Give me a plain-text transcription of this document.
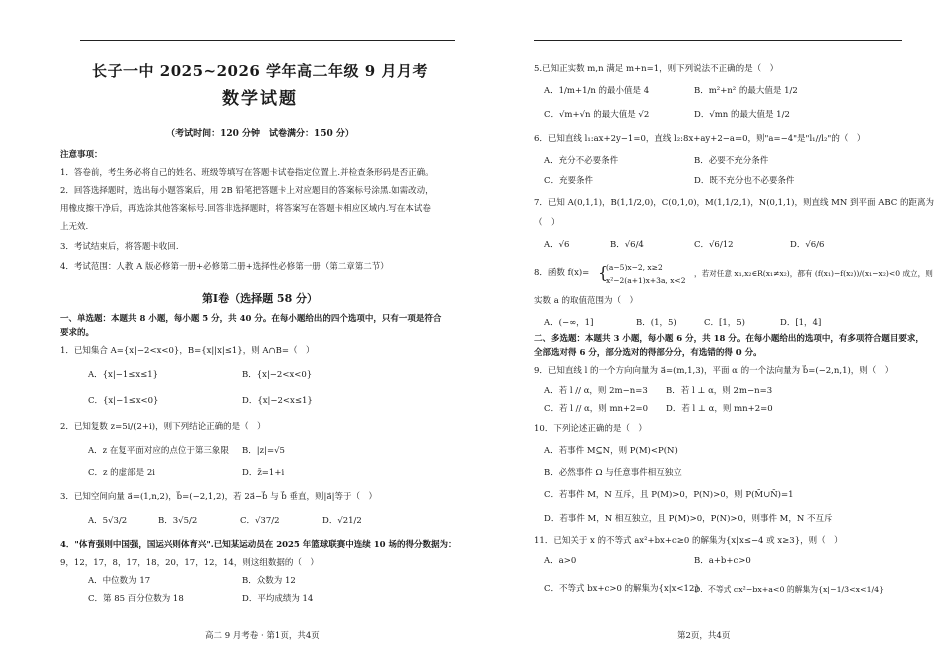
长子一中 2025~2026 学年高二年级 9 月月考
数学试题
（考试时间：120 分钟　试卷满分：150 分）
注意事项：
1．答卷前，考生务必将自己的姓名、班级等填写在答题卡试卷指定位置上.并检查条形码是否正确。
2．回答选择题时，选出每小题答案后，用 2B 铅笔把答题卡上对应题目的答案标号涂黑.如需改动，
用橡皮擦干净后，再选涂其他答案标号.回答非选择题时，将答案写在答题卡相应区域内.写在本试卷
上无效.
3．考试结束后，将答题卡收回.
4．考试范围：人教 A 版必修第一册+必修第二册+选择性必修第一册（第二章第二节）
第Ⅰ卷（选择题 58 分）
一、单选题：本题共 8 小题，每小题 5 分，共 40 分。在每小题给出的四个选项中，只有一项是符合
要求的。
1．已知集合 A={x|−2<x<0}，B={x||x|≤1}，则 A∩B=（　）
A．{x|−1≤x≤1}	B．{x|−2<x<0}
C．{x|−1≤x<0}	D．{x|−2<x≤1}
2．已知复数 z=5i/(2+i)，则下列结论正确的是（　）
A．z 在复平面对应的点位于第三象限 B．|z|=√5
C．z 的虚部是 2i	D．z̄=1+i
3．已知空间向量 a⃗=(1,n,2)，b⃗=(−2,1,2)，若 2a⃗−b⃗ 与 b⃗ 垂直，则|a⃗|等于（　）
A．5√3/2	B．3√5/2	C．√37/2	D．√21/2
4．"体育强则中国强，国运兴则体育兴".已知某运动员在 2025 年篮球联赛中连续 10 场的得分数据为：
9，12，17，8，17，18，20，17，12，14，则这组数据的（　）
A．中位数为 17	B．众数为 12
C．第 85 百分位数为 18	D．平均成绩为 14
高二 9 月考卷 · 第1页，共4页
5.已知正实数 m,n 满足 m+n=1，则下列说法不正确的是（　）
A．1/m+1/n 的最小值是 4	B．m²+n² 的最大值是 1/2
C．√m+√n 的最大值是 √2	D．√mn 的最大值是 1/2
6．已知直线 l₁:ax+2y−1=0，直线 l₂:8x+ay+2−a=0，则"a=−4"是"l₁//l₂"的（　）
A．充分不必要条件	B．必要不充分条件
C．充要条件	D．既不充分也不必要条件
7．已知 A(0,1,1)，B(1,1/2,0)，C(0,1,0)，M(1,1/2,1)，N(0,1,1)，则直线 MN 到平面 ABC 的距离为
（　）
A．√6	B．√6/4	C．√6/12	D．√6/6
8．函数 f(x)= {
(a−5)x−2, x≥2
x²−2(a+1)x+3a, x<2
，若对任意 x₁,x₂∈R(x₁≠x₂)，都有 (f(x₁)−f(x₂))/(x₁−x₂)<0 成立，则
实数 a 的取值范围为（　）
A．(−∞，1]	B．(1，5)	C．[1，5)	D．[1，4]
二、多选题：本题共 3 小题，每小题 6 分，共 18 分。在每小题给出的选项中，有多项符合题目要求，
全部选对得 6 分，部分选对的得部分分，有选错的得 0 分。
9．已知直线 l 的一个方向向量为 a⃗=(m,1,3)，平面 α 的一个法向量为 b⃗=(−2,n,1)，则（　）
A．若 l // α，则 2m−n=3 B．若 l ⊥ α，则 2m−n=3
C．若 l // α，则 mn+2=0 D．若 l ⊥ α，则 mn+2=0
10．下列论述正确的是（　）
A．若事件 M⊆N，则 P(M)<P(N)
B．必然事件 Ω 与任意事件相互独立
C．若事件 M，N 互斥，且 P(M)>0，P(N)>0，则 P(M̄∪N̄)=1
D．若事件 M，N 相互独立，且 P(M)>0，P(N)>0，则事件 M，N 不互斥
11．已知关于 x 的不等式 ax²+bx+c≥0 的解集为{x|x≤−4 或 x≥3}，则（　）
A．a>0	B．a+b+c>0
C．不等式 bx+c>0 的解集为{x|x<12}
D．不等式 cx²−bx+a<0 的解集为{x|−1/3<x<1/4}
第2页，共4页
